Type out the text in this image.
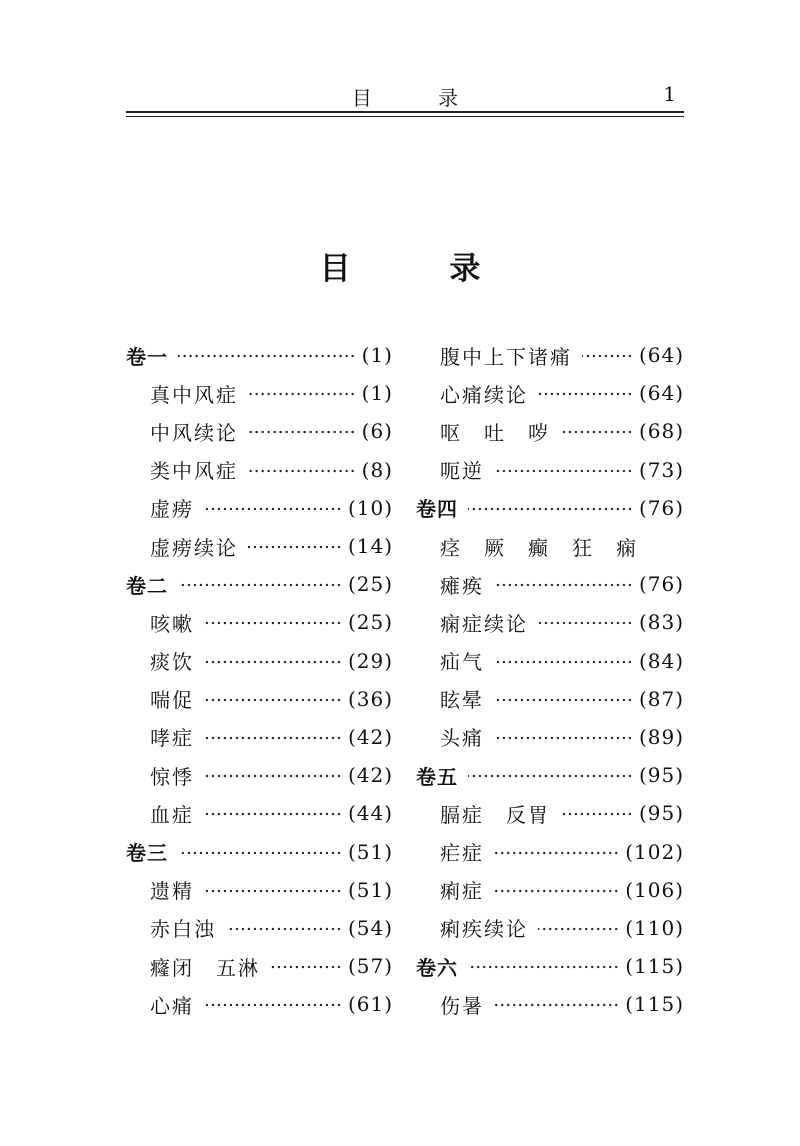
目 录	1
目 录
卷一	(1)
真中风症	(1)
中风续论	(6)
类中风症	(8)
虚痨	(10)
虚痨续论	(14)
卷二	(25)
咳嗽	(25)
痰饮	(29)
喘促	(36)
哮症	(42)
惊悸	(42)
血症	(44)
卷三	(51)
遗精	(51)
赤白浊	(54)
癃闭　五淋	(57)
心痛	(61)
腹中上下诸痛	(64)
心痛续论	(64)
呕　吐　哕	(68)
呃逆	(73)
卷四	(76)
痉　厥　癫　狂　痫
瘫痪	(76)
痫症续论	(83)
疝气	(84)
眩晕	(87)
头痛	(89)
卷五	(95)
膈症　反胃	(95)
疟症	(102)
痢症	(106)
痢疾续论	(110)
卷六	(115)
伤暑	(115)
